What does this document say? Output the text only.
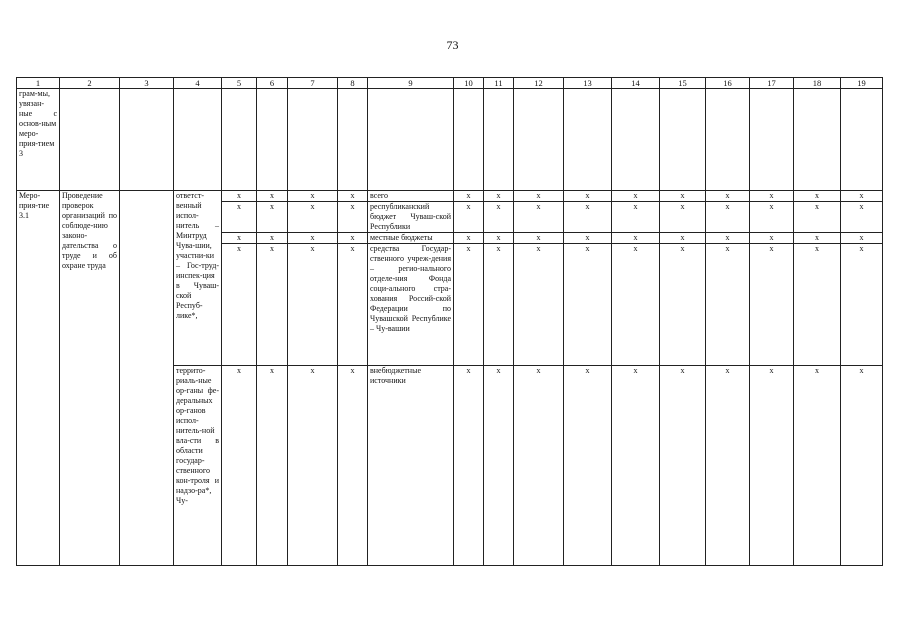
73
1	2	3	4	5	6	7	8	9	10	11	12	13	14	15	16	17	18	19
грам-мы, увязан-ные с основ-ным меро-прия-тием 3																		
Меро-прия-тие 3.1	Проведение проверок организаций по соблюде-нию законо-дательства о труде и об охране труда		ответст-венный испол-нитель – Минтруд Чува-шии, участни-ки – Гос-труд-инспек-ция в Чуваш-ской Респуб-лике*,	x	x	x	x	всего	x	x	x	x	x	x	x	x	x	x
				x	x	x	x	республиканский бюджет Чуваш-ской Республики	x	x	x	x	x	x	x	x	x	x
				x	x	x	x	местные бюджеты	x	x	x	x	x	x	x	x	x	x
				x	x	x	x	средства Государ-ственного учреж-дения – регио-нального отделе-ния Фонда соци-ального стра-хования Россий-ской Федерации по Чувашской Республике – Чу-вашии	x	x	x	x	x	x	x	x	x	x
			террито-риаль-ные ор-ганы фе-деральных ор-ганов испол-нитель-ной вла-сти в области государ-ственного кон-троля и надзо-ра*, Чу-	x	x	x	x	внебюджетные источники	x	x	x	x	x	x	x	x	x	x
